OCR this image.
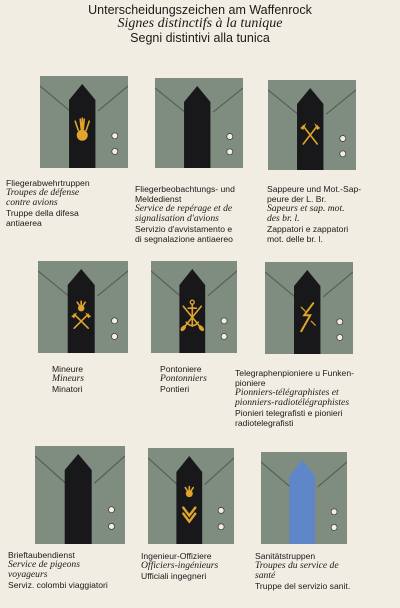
Unterscheidungszeichen am Waffenrock
Signes distinctifs à la tunique
Segni distintivi alla tunica
Fliegerabwehrtruppen
Troupes de défense
contre avions
Truppe della difesa
antiaerea
Fliegerbeobachtungs- und
Meldedienst
Service de repérage et de
signalisation d'avions
Servizio d'avvistamento e
di segnalazione antiaereo
Sappeure und Mot.-Sap-
peure der L. Br.
Sapeurs et sap. mot.
des br. l.
Zappatori e zappatori
mot. delle br. l.
Mineure
Mineurs
Minatori
Pontoniere
Pontonniers
Pontieri
Telegraphenpioniere u Funken-
pioniere
Pionniers-télégraphistes et
pionniers-radiotélégraphistes
Pionieri telegrafisti e pionieri
radiotelegrafisti
Brieftaubendienst
Service de pigeons
voyageurs
Serviz. colombi viaggiatori
Ingenieur-Offiziere
Officiers-ingénieurs
Ufficiali ingegneri
Sanitätstruppen
Troupes du service de
santé
Truppe del servizio sanit.
